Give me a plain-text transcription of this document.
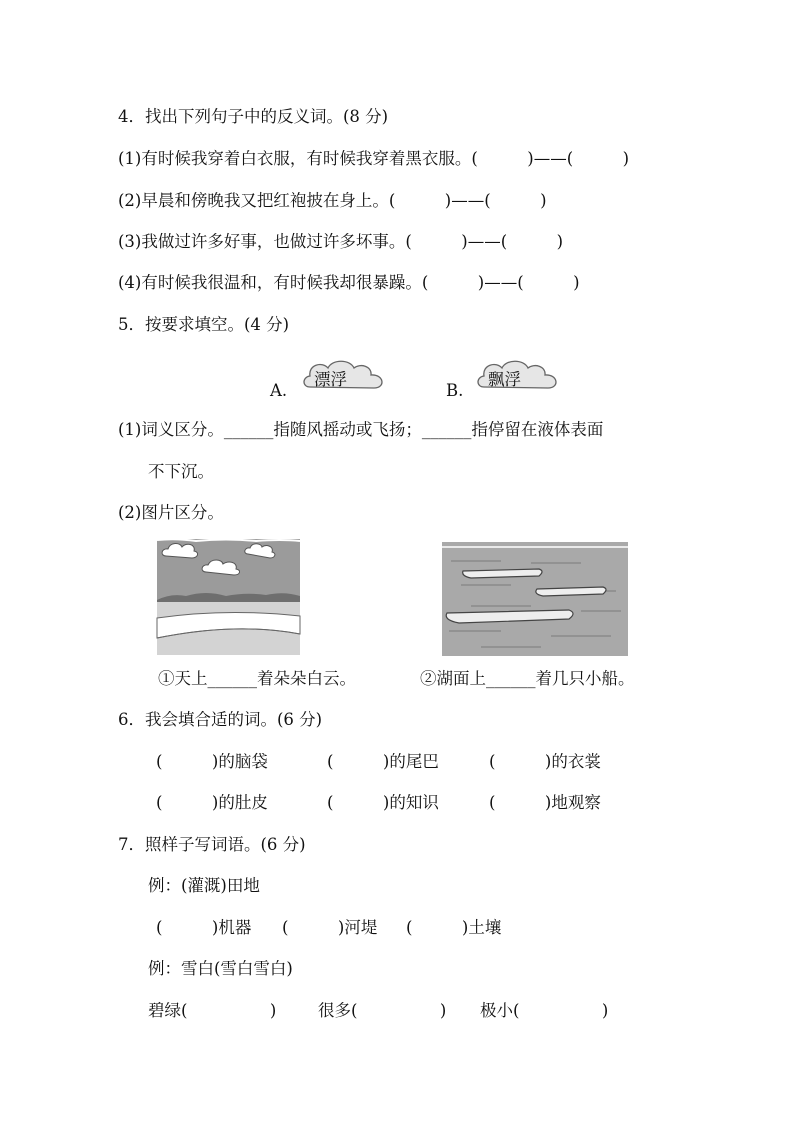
4．找出下列句子中的反义词。(8 分)
(1)有时候我穿着白衣服，有时候我穿着黑衣服。(　　　)——(　　　)
(2)早晨和傍晚我又把红袍披在身上。(　　　)——(　　　)
(3)我做过许多好事，也做过许多坏事。(　　　)——(　　　)
(4)有时候我很温和，有时候我却很暴躁。(　　　)——(　　　)
5．按要求填空。(4 分)
A.
漂浮
B.
飘浮
(1)词义区分。______指随风摇动或飞扬；______指停留在液体表面
不下沉。
(2)图片区分。
①天上______着朵朵白云。	②湖面上______着几只小船。
6．我会填合适的词。(6 分)
(　　　)的脑袋	(　　　)的尾巴	(　　　)的衣裳
(　　　)的肚皮	(　　　)的知识	(　　　)地观察
7．照样子写词语。(6 分)
例：(灌溉)田地
(　　　)机器 (　　　)河堤 (　　　)土壤
例：雪白(雪白雪白)
碧绿(　　　　　)	很多(　　　　　) 极小(　　　　　)
